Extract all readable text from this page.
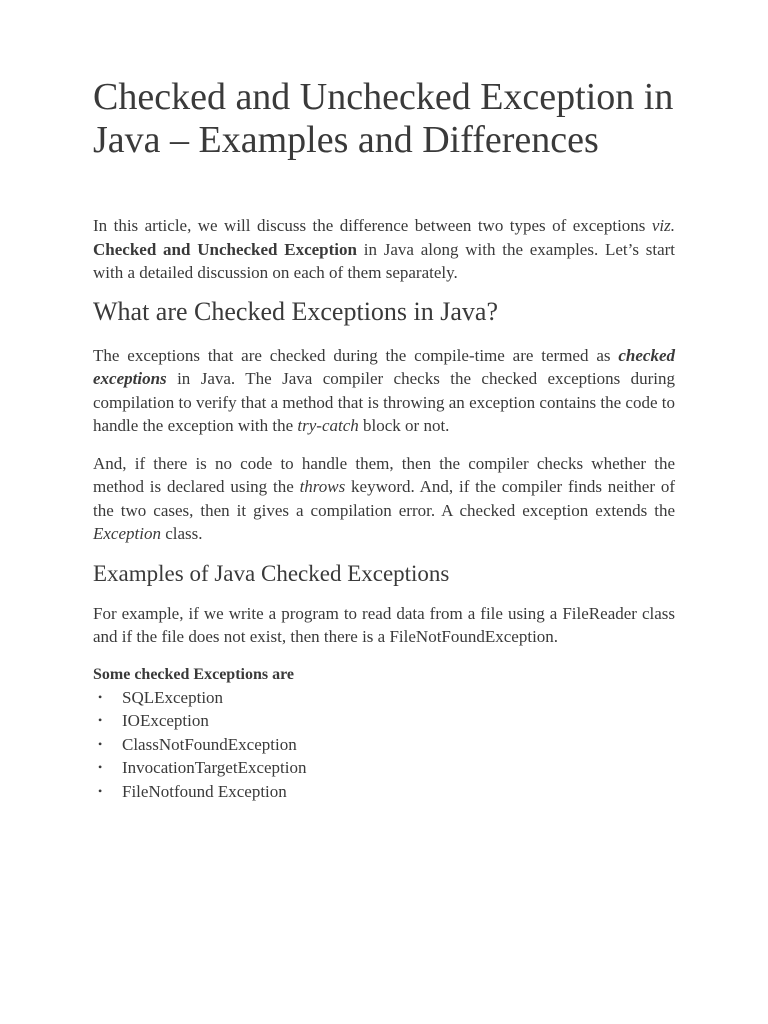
Checked and Unchecked Exception in Java – Examples and Differences

In this article, we will discuss the difference between two types of exceptions viz. Checked and Unchecked Exception in Java along with the examples. Let’s start with a detailed discussion on each of them separately.

What are Checked Exceptions in Java?

The exceptions that are checked during the compile-time are termed as checked exceptions in Java. The Java compiler checks the checked exceptions during compilation to verify that a method that is throwing an exception contains the code to handle the exception with the try-catch block or not.

And, if there is no code to handle them, then the compiler checks whether the method is declared using the throws keyword. And, if the compiler finds neither of the two cases, then it gives a compilation error. A checked exception extends the Exception class.

Examples of Java Checked Exceptions

For example, if we write a program to read data from a file using a FileReader class and if the file does not exist, then there is a FileNotFoundException.

Some checked Exceptions are
• SQLException
• IOException
• ClassNotFoundException
• InvocationTargetException
• FileNotfound Exception
